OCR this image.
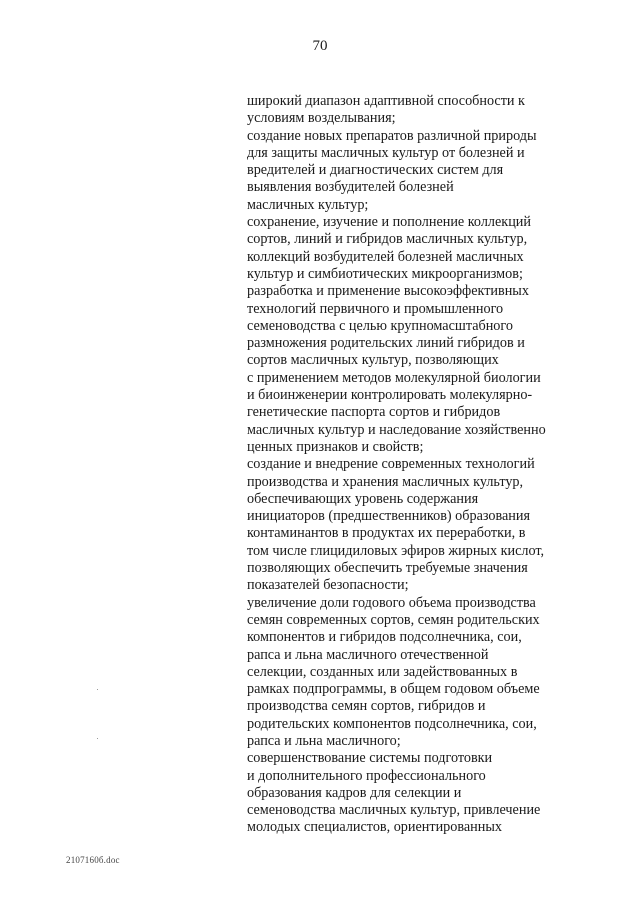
70
широкий диапазон адаптивной способности к
условиям возделывания;
создание новых препаратов различной природы
для защиты масличных культур от болезней и
вредителей и диагностических систем для
выявления возбудителей болезней
масличных культур;
сохранение, изучение и пополнение коллекций
сортов, линий и гибридов масличных культур,
коллекций возбудителей болезней масличных
культур и симбиотических микроорганизмов;
разработка и применение высокоэффективных
технологий первичного и промышленного
семеноводства с целью крупномасштабного
размножения родительских линий гибридов и
сортов масличных культур, позволяющих
с применением методов молекулярной биологии
и биоинженерии контролировать молекулярно-
генетические паспорта сортов и гибридов
масличных культур и наследование хозяйственно
ценных признаков и свойств;
создание и внедрение современных технологий
производства и хранения масличных культур,
обеспечивающих уровень содержания
инициаторов (предшественников) образования
контаминантов в продуктах их переработки, в
том числе глицидиловых эфиров жирных кислот,
позволяющих обеспечить требуемые значения
показателей безопасности;
увеличение доли годового объема производства
семян современных сортов, семян родительских
компонентов и гибридов подсолнечника, сои,
рапса и льна масличного отечественной
селекции, созданных или задействованных в
рамках подпрограммы, в общем годовом объеме
производства семян сортов, гибридов и
родительских компонентов подсолнечника, сои,
рапса и льна масличного;
совершенствование системы подготовки
и дополнительного профессионального
образования кадров для селекции и
семеноводства масличных культур, привлечение
молодых специалистов, ориентированных
2107160б.doc
